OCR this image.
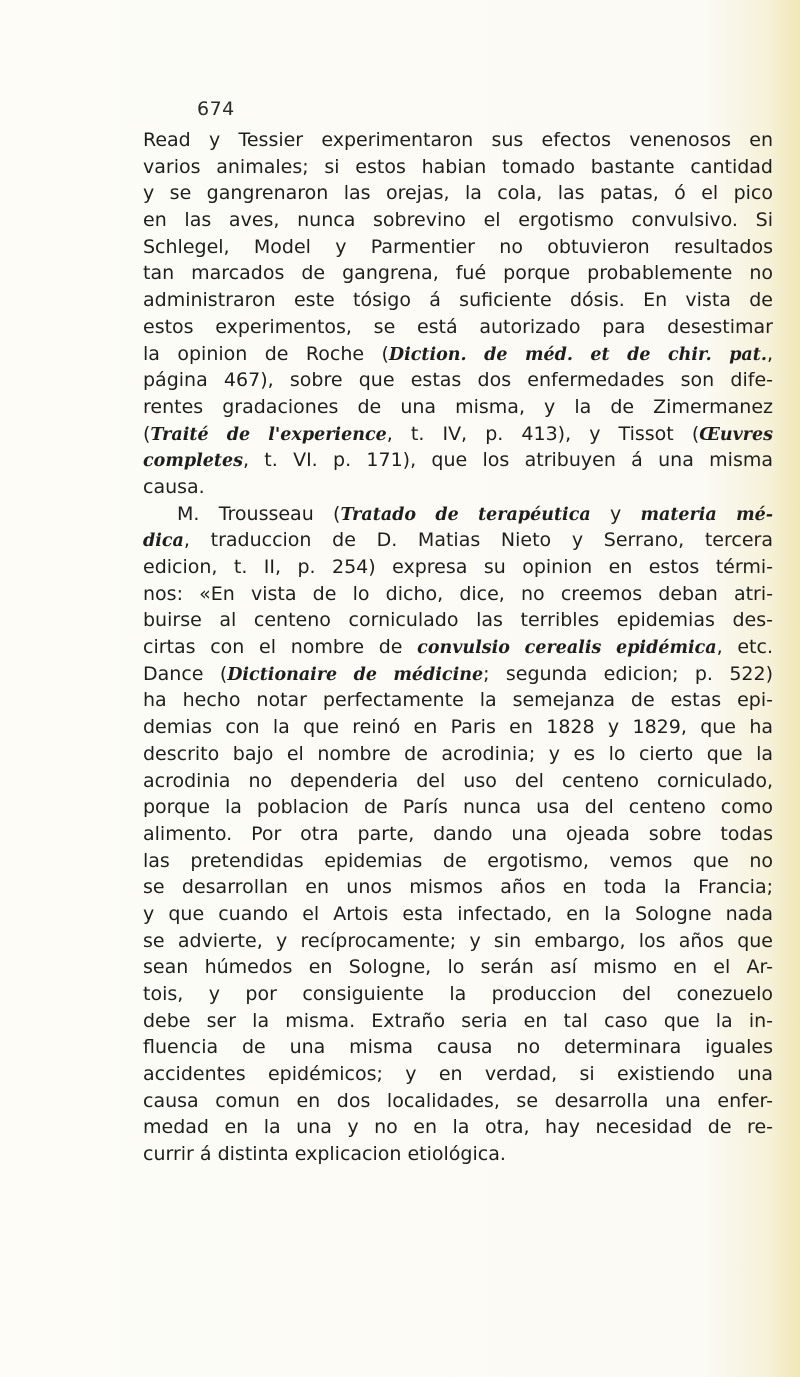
674
Read y Tessier experimentaron sus efectos venenosos en
varios animales; si estos habian tomado bastante cantidad
y se gangrenaron las orejas, la cola, las patas, ó el pico
en las aves, nunca sobrevino el ergotismo convulsivo. Si
Schlegel, Model y Parmentier no obtuvieron resultados
tan marcados de gangrena, fué porque probablemente no
administraron este tósigo á suficiente dósis. En vista de
estos experimentos, se está autorizado para desestimar
la opinion de Roche (Diction. de méd. et de chir. pat.,
página 467), sobre que estas dos enfermedades son dife-
rentes gradaciones de una misma, y la de Zimermanez
(Traité de l'experience, t. IV, p. 413), y Tissot (Œuvres
completes, t. VI. p. 171), que los atribuyen á una misma
causa.
M. Trousseau (Tratado de terapéutica y materia mé-
dica, traduccion de D. Matias Nieto y Serrano, tercera
edicion, t. II, p. 254) expresa su opinion en estos térmi-
nos: «En vista de lo dicho, dice, no creemos deban atri-
buirse al centeno corniculado las terribles epidemias des-
cirtas con el nombre de convulsio cerealis epidémica, etc.
Dance (Dictionaire de médicine; segunda edicion; p. 522)
ha hecho notar perfectamente la semejanza de estas epi-
demias con la que reinó en Paris en 1828 y 1829, que ha
descrito bajo el nombre de acrodinia; y es lo cierto que la
acrodinia no dependeria del uso del centeno corniculado,
porque la poblacion de París nunca usa del centeno como
alimento. Por otra parte, dando una ojeada sobre todas
las pretendidas epidemias de ergotismo, vemos que no
se desarrollan en unos mismos años en toda la Francia;
y que cuando el Artois esta infectado, en la Sologne nada
se advierte, y recíprocamente; y sin embargo, los años que
sean húmedos en Sologne, lo serán así mismo en el Ar-
tois, y por consiguiente la produccion del conezuelo
debe ser la misma. Extraño seria en tal caso que la in-
fluencia de una misma causa no determinara iguales
accidentes epidémicos; y en verdad, si existiendo una
causa comun en dos localidades, se desarrolla una enfer-
medad en la una y no en la otra, hay necesidad de re-
currir á distinta explicacion etiológica.
